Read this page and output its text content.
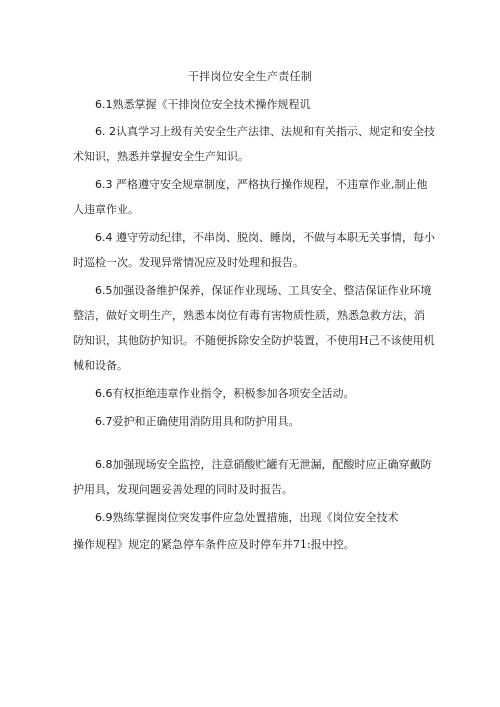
干拌岗位安全生产责任制

6.1熟悉掌握《干排岗位安全技术操作规程讥

6. 2认真学习上级有关安全生产法律、法规和有关指示、规定和安全技术知识，熟悉并掌握安全生产知识。

6.3 严格遵守安全规章制度，严格执行操作规程，不违章作业,制止他人违章作业。

6.4 遵守劳动纪律，不串岗、脱岗、睡岗，不做与本职无关事情，每小时巡检一次。发现异常情况应及时处理和报告。

6.5加强设备维护保养，保证作业现场、工具安全、整洁保证作业环境整洁，做好文明生产，熟悉本岗位有毒有害物质性质，熟悉急救方法，消防知识，其他防护知识。不随便拆除安全防护装置，不使用H己不该使用机械和设备。

6.6有权拒绝违章作业指令，积极参加各项安全活动。

6.7爱护和正确使用消防用具和防护用具。

6.8加强现场安全监控，注意硝酸贮罐有无泄漏，配酸时应正确穿戴防护用具，发现问题妥善处理的同时及时报告。

6.9熟练掌握岗位突发事件应急处置措施，出现《岗位安全技术

操作规程》规定的紧急停车条件应及时停车并71:报中控。
